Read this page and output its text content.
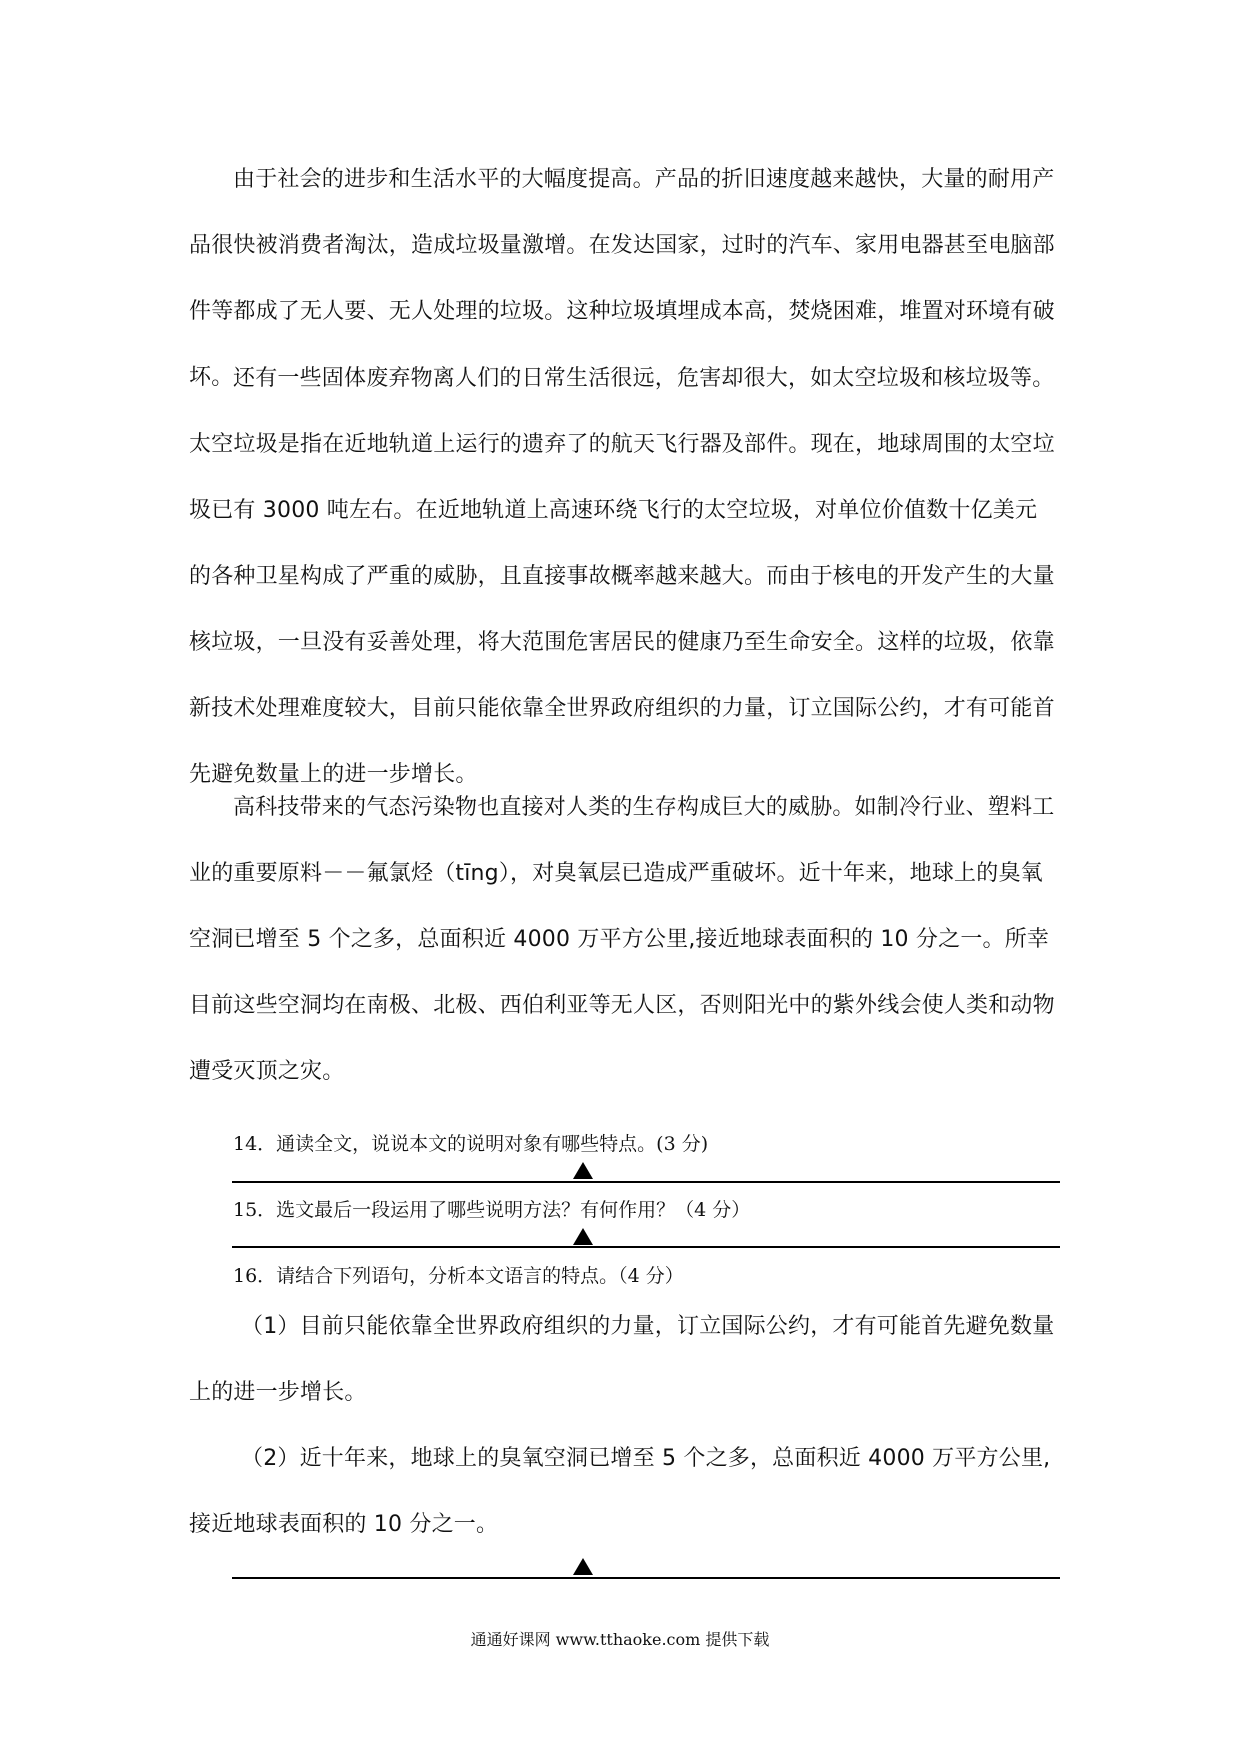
由于社会的进步和生活水平的大幅度提高。产品的折旧速度越来越快，大量的耐用产品很快被消费者淘汰，造成垃圾量激增。在发达国家，过时的汽车、家用电器甚至电脑部件等都成了无人要、无人处理的垃圾。这种垃圾填埋成本高，焚烧困难，堆置对环境有破坏。 还有一些固体废弃物离人们的日常生活很远，危害却很大，如太空垃圾和核垃圾等。太空垃圾是指在近地轨道上运行的遗弃了的航天飞行器及部件。现在，地球周围的太空垃圾已有 3000 吨左右。在近地轨道上高速环绕飞行的太空垃圾，对单位价值数十亿美元的各种卫星构成了严重的威胁，且直接事故概率越来越大。而由于核电的开发产生的大量核垃圾，一旦没有妥善处理，将大范围危害居民的健康乃至生命安全。这样的垃圾，依靠新技术处理难度较大，目前只能依靠全世界政府组织的力量，订立国际公约，才有可能首先避免数量上的进一步增长。
高科技带来的气态污染物也直接对人类的生存构成巨大的威胁。如制冷行业、塑料工业的重要原料－－氟氯烃（tīng），对臭氧层已造成严重破坏。近十年来，地球上的臭氧空洞已增至 5 个之多，总面积近 4000 万平方公里,接近地球表面积的 10 分之一。所幸目前这些空洞均在南极、北极、西伯利亚等无人区，否则阳光中的紫外线会使人类和动物遭受灭顶之灾。
14．通读全文，说说本文的说明对象有哪些特点。(3 分)
15．选文最后一段运用了哪些说明方法？有何作用？（4 分）
16．请结合下列语句，分析本文语言的特点。（4 分）
（1）目前只能依靠全世界政府组织的力量，订立国际公约，才有可能首先避免数量上的进一步增长。
（2）近十年来，地球上的臭氧空洞已增至 5 个之多，总面积近 4000 万平方公里,接近地球表面积的 10 分之一。
通通好课网 www.tthaoke.com 提供下载
